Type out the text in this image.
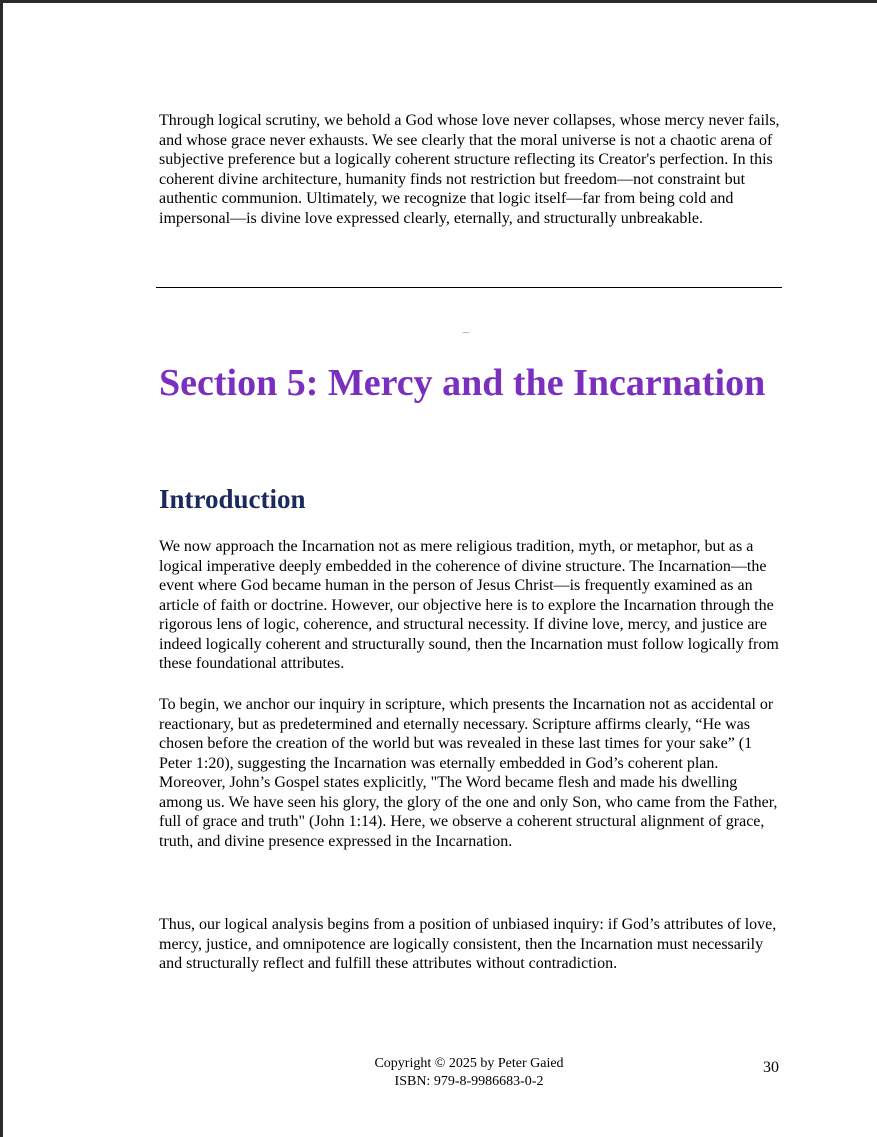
Through logical scrutiny, we behold a God whose love never collapses, whose mercy never fails, and whose grace never exhausts. We see clearly that the moral universe is not a chaotic arena of subjective preference but a logically coherent structure reflecting its Creator's perfection. In this coherent divine architecture, humanity finds not restriction but freedom—not constraint but authentic communion. Ultimately, we recognize that logic itself—far from being cold and impersonal—is divine love expressed clearly, eternally, and structurally unbreakable.

–
Section 5: Mercy and the Incarnation
Introduction

We now approach the Incarnation not as mere religious tradition, myth, or metaphor, but as a logical imperative deeply embedded in the coherence of divine structure. The Incarnation—the event where God became human in the person of Jesus Christ—is frequently examined as an article of faith or doctrine. However, our objective here is to explore the Incarnation through the rigorous lens of logic, coherence, and structural necessity. If divine love, mercy, and justice are indeed logically coherent and structurally sound, then the Incarnation must follow logically from these foundational attributes.

To begin, we anchor our inquiry in scripture, which presents the Incarnation not as accidental or reactionary, but as predetermined and eternally necessary. Scripture affirms clearly, “He was chosen before the creation of the world but was revealed in these last times for your sake” (1 Peter 1:20), suggesting the Incarnation was eternally embedded in God’s coherent plan. Moreover, John’s Gospel states explicitly, "The Word became flesh and made his dwelling among us. We have seen his glory, the glory of the one and only Son, who came from the Father, full of grace and truth" (John 1:14). Here, we observe a coherent structural alignment of grace, truth, and divine presence expressed in the Incarnation.

Thus, our logical analysis begins from a position of unbiased inquiry: if God’s attributes of love, mercy, justice, and omnipotence are logically consistent, then the Incarnation must necessarily and structurally reflect and fulfill these attributes without contradiction.

Copyright © 2025 by Peter Gaied
ISBN: 979-8-9986683-0-2
30
